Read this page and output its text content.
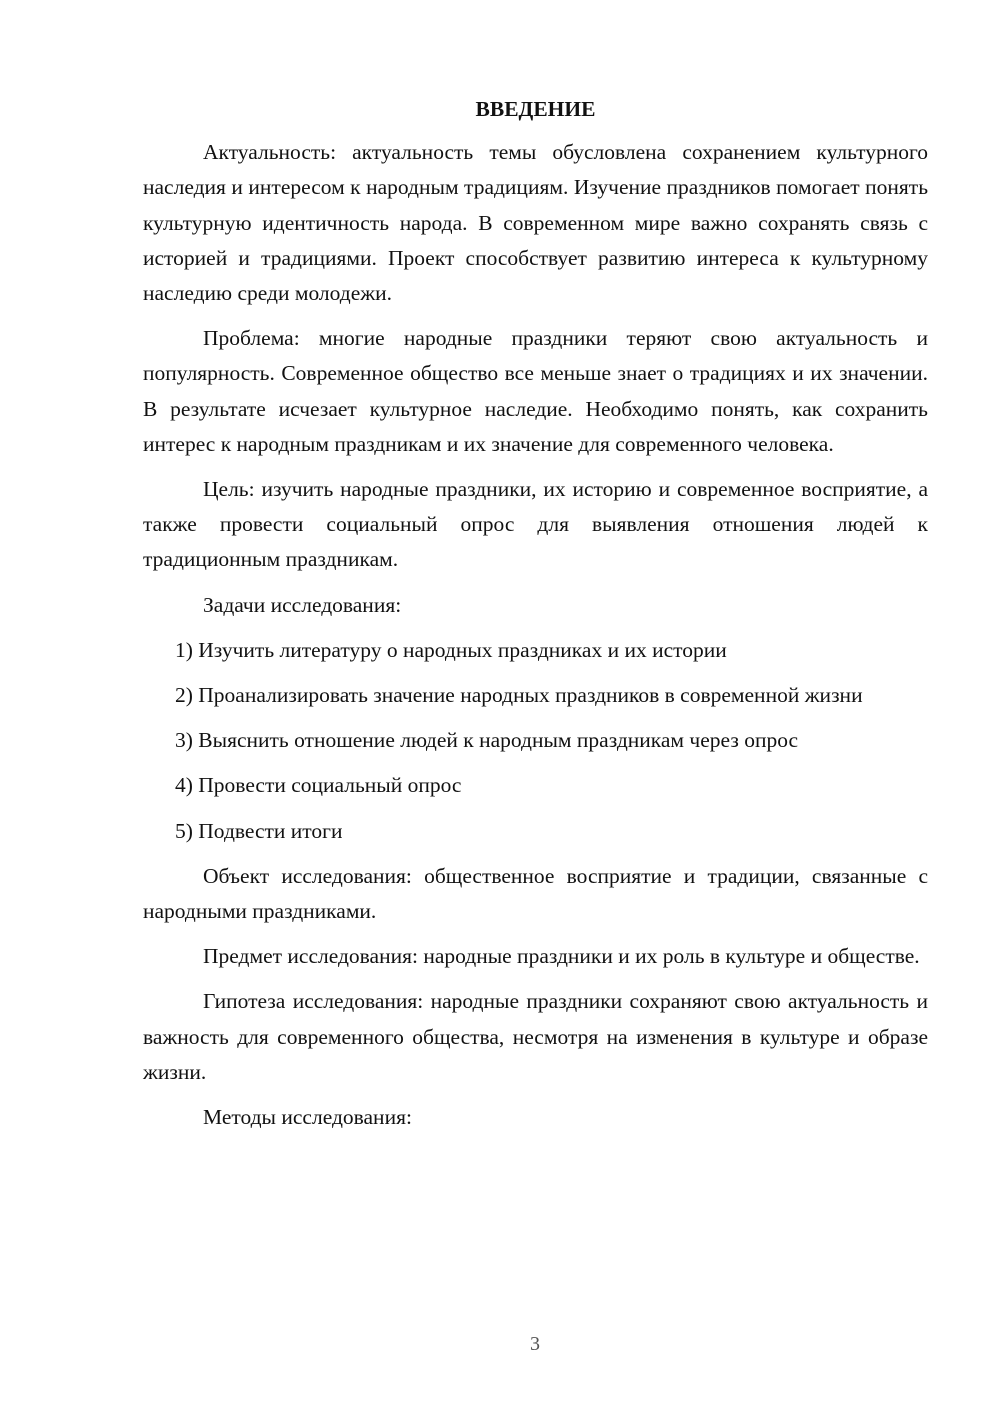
ВВЕДЕНИЕ

Актуальность: актуальность темы обусловлена сохранением культурного наследия и интересом к народным традициям. Изучение праздников помогает понять культурную идентичность народа. В современном мире важно сохранять связь с историей и традициями. Проект способствует развитию интереса к культурному наследию среди молодежи.

Проблема: многие народные праздники теряют свою актуальность и популярность. Современное общество все меньше знает о традициях и их значении. В результате исчезает культурное наследие. Необходимо понять, как сохранить интерес к народным праздникам и их значение для современного человека.

Цель: изучить народные праздники, их историю и современное восприятие, а также провести социальный опрос для выявления отношения людей к традиционным праздникам.

Задачи исследования:

1) Изучить литературу о народных праздниках и их истории

2) Проанализировать значение народных праздников в современной жизни

3) Выяснить отношение людей к народным праздникам через опрос

4) Провести социальный опрос

5) Подвести итоги

Объект исследования: общественное восприятие и традиции, связанные с народными праздниками.

Предмет исследования: народные праздники и их роль в культуре и обществе.

Гипотеза исследования: народные праздники сохраняют свою актуальность и важность для современного общества, несмотря на изменения в культуре и образе жизни.

Методы исследования:

3
